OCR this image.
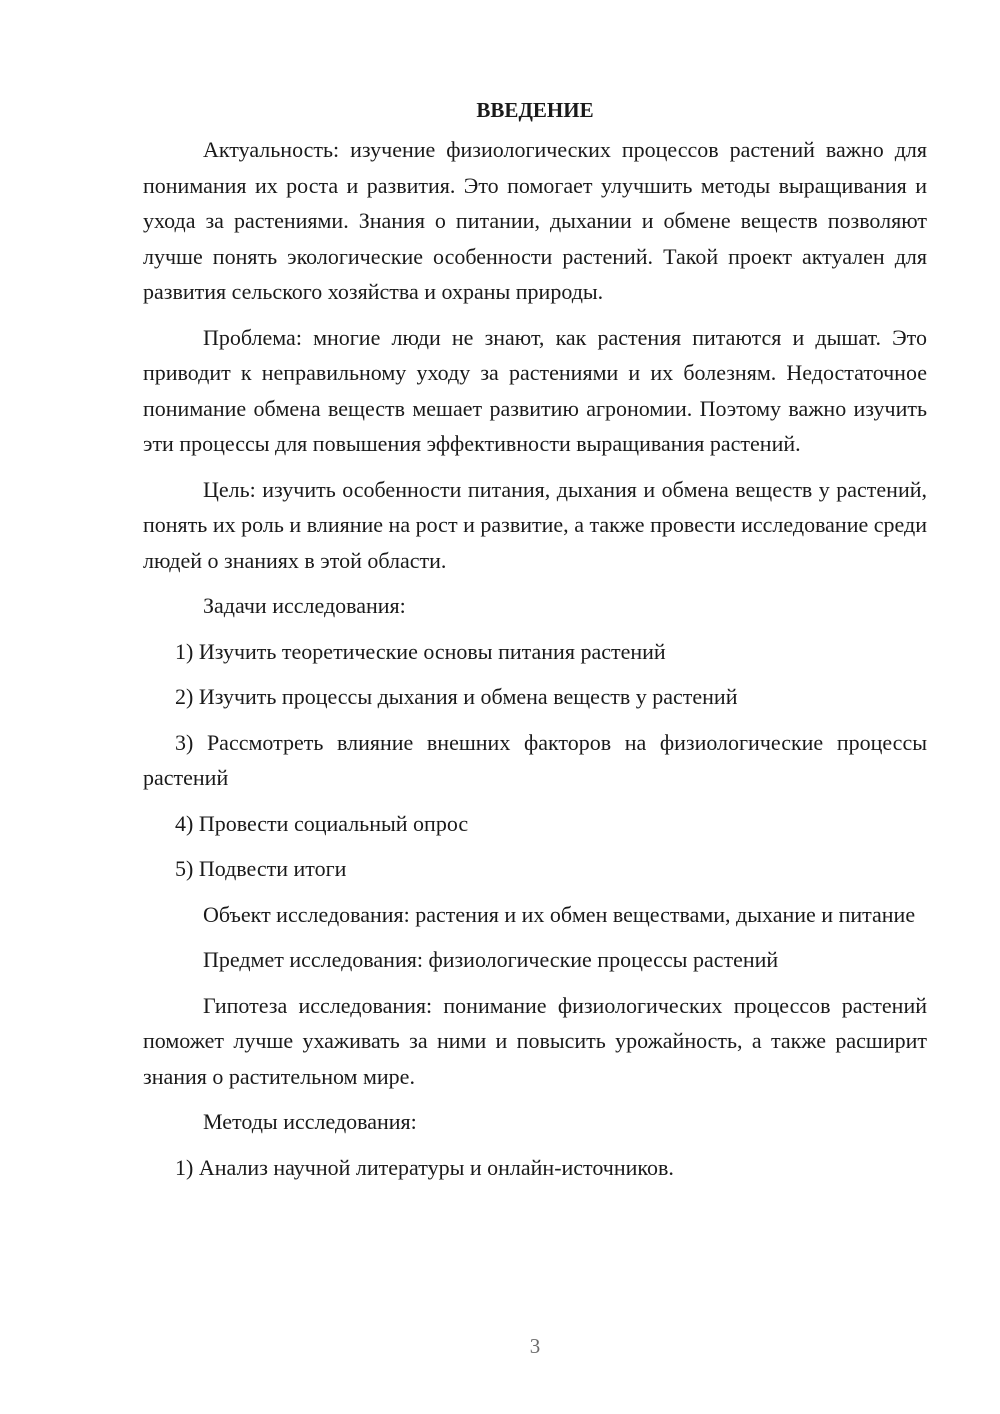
ВВЕДЕНИЕ

Актуальность: изучение физиологических процессов растений важно для понимания их роста и развития. Это помогает улучшить методы выращивания и ухода за растениями. Знания о питании, дыхании и обмене веществ позволяют лучше понять экологические особенности растений. Такой проект актуален для развития сельского хозяйства и охраны природы.

Проблема: многие люди не знают, как растения питаются и дышат. Это приводит к неправильному уходу за растениями и их болезням. Недостаточное понимание обмена веществ мешает развитию агрономии. Поэтому важно изучить эти процессы для повышения эффективности выращивания растений.

Цель: изучить особенности питания, дыхания и обмена веществ у растений, понять их роль и влияние на рост и развитие, а также провести исследование среди людей о знаниях в этой области.

Задачи исследования:

1) Изучить теоретические основы питания растений

2) Изучить процессы дыхания и обмена веществ у растений

3) Рассмотреть влияние внешних факторов на физиологические процессы растений

4) Провести социальный опрос

5) Подвести итоги

Объект исследования: растения и их обмен веществами, дыхание и питание

Предмет исследования: физиологические процессы растений

Гипотеза исследования: понимание физиологических процессов растений поможет лучше ухаживать за ними и повысить урожайность, а также расширит знания о растительном мире.

Методы исследования:

1) Анализ научной литературы и онлайн-источников.

3
